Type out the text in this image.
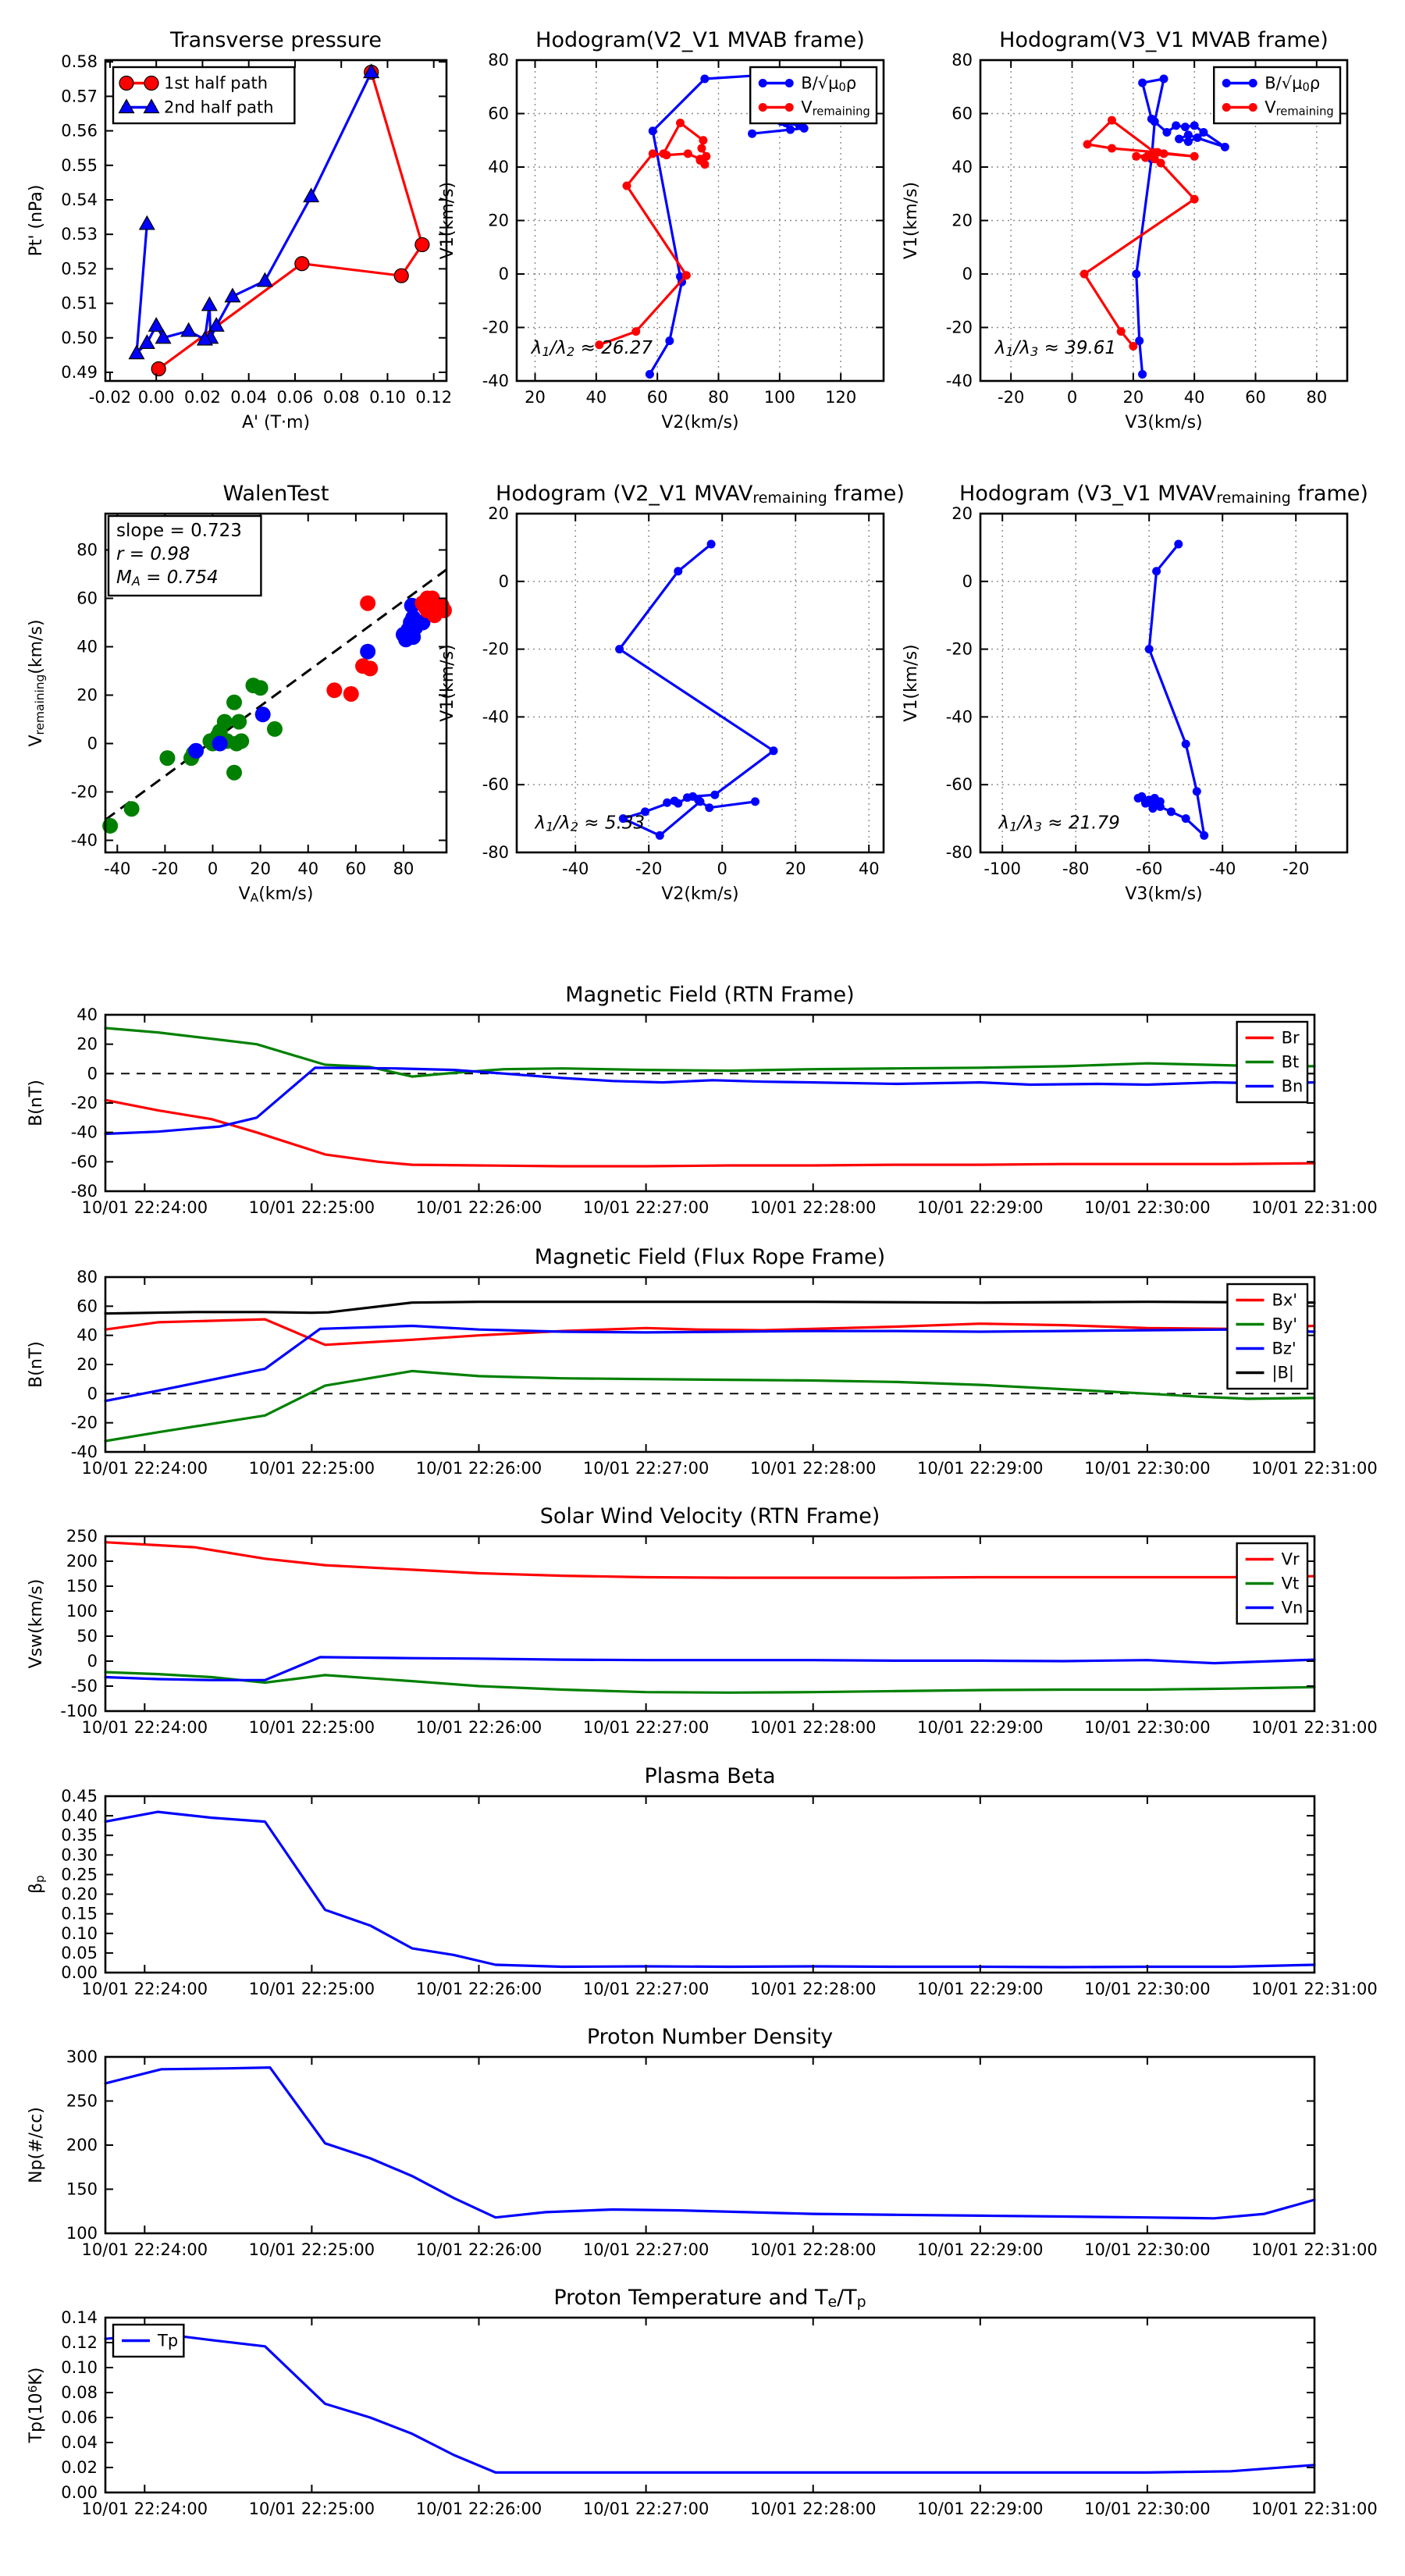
-0.02 0.00 0.02 0.04 0.06 0.08 0.10 0.12
0.49
0.50
0.51
0.52
0.53
0.54
0.55
0.56
0.57
0.58
Transverse pressure
A' (T·m)
Pt' (nPa)
1st half path
2nd half path
20 40 60 80 100 120
-40
-20
0
20
40
60
80
Hodogram(V2_V1 MVAB frame)
V2(km/s)
V1(km/s)
λ1/λ2 ≈ 26.27
B/√μ0ρ
Vremaining
-20	0	20 40 60 80
-40
-20
0
20
40
60
80
Hodogram(V3_V1 MVAB frame)
V3(km/s)
V1(km/s)
λ1/λ3 ≈ 39.61
B/√μ0ρ
Vremaining
-40 -20 0 20 40 60 80
-40
-20
0
20
40
60
80
WalenTest
VA(km/s)
Vremaining(km/s)
slope = 0.723
r = 0.98
MA = 0.754
-40	-20	0	20	40
-80
-60
-40
-20
0
20
Hodogram (V2_V1 MVAVremaining frame)
V2(km/s)
V1(km/s)
λ1/λ2 ≈ 5.33
-100	-80	-60	-40	-20
-80
-60
-40
-20
0
20
Hodogram (V3_V1 MVAVremaining frame)
V3(km/s)
V1(km/s)
λ1/λ3 ≈ 21.79
10/01 22:24:00	10/01 22:25:00	10/01 22:26:00	10/01 22:27:00	10/01 22:28:00	10/01 22:29:00	10/01 22:30:00	10/01 22:31:00
-80
-60
-40
-20
0
20
40
Magnetic Field (RTN Frame)
B(nT)
Br
Bt
Bn
10/01 22:24:00	10/01 22:25:00	10/01 22:26:00	10/01 22:27:00	10/01 22:28:00	10/01 22:29:00	10/01 22:30:00	10/01 22:31:00
-40
-20
0
20
40
60
80
Magnetic Field (Flux Rope Frame)
B(nT)
Bx'
By'
Bz'
|B|
10/01 22:24:00	10/01 22:25:00	10/01 22:26:00	10/01 22:27:00	10/01 22:28:00	10/01 22:29:00	10/01 22:30:00	10/01 22:31:00
-100
-50
0
50
100
150
200
250
Solar Wind Velocity (RTN Frame)
Vsw(km/s)
Vr
Vt
Vn
10/01 22:24:00	10/01 22:25:00	10/01 22:26:00	10/01 22:27:00	10/01 22:28:00	10/01 22:29:00	10/01 22:30:00	10/01 22:31:00
0.00
0.05
0.10
0.15
0.20
0.25
0.30
0.35
0.40
0.45
Plasma Beta
βp
10/01 22:24:00	10/01 22:25:00	10/01 22:26:00	10/01 22:27:00	10/01 22:28:00	10/01 22:29:00	10/01 22:30:00	10/01 22:31:00
100
150
200
250
300
Proton Number Density
Np(#/cc)
10/01 22:24:00	10/01 22:25:00	10/01 22:26:00	10/01 22:27:00	10/01 22:28:00	10/01 22:29:00	10/01 22:30:00	10/01 22:31:00
0.00
0.02
0.04
0.06
0.08
0.10
0.12
0.14
Proton Temperature and Te/Tp
Tp(106K)
Tp
